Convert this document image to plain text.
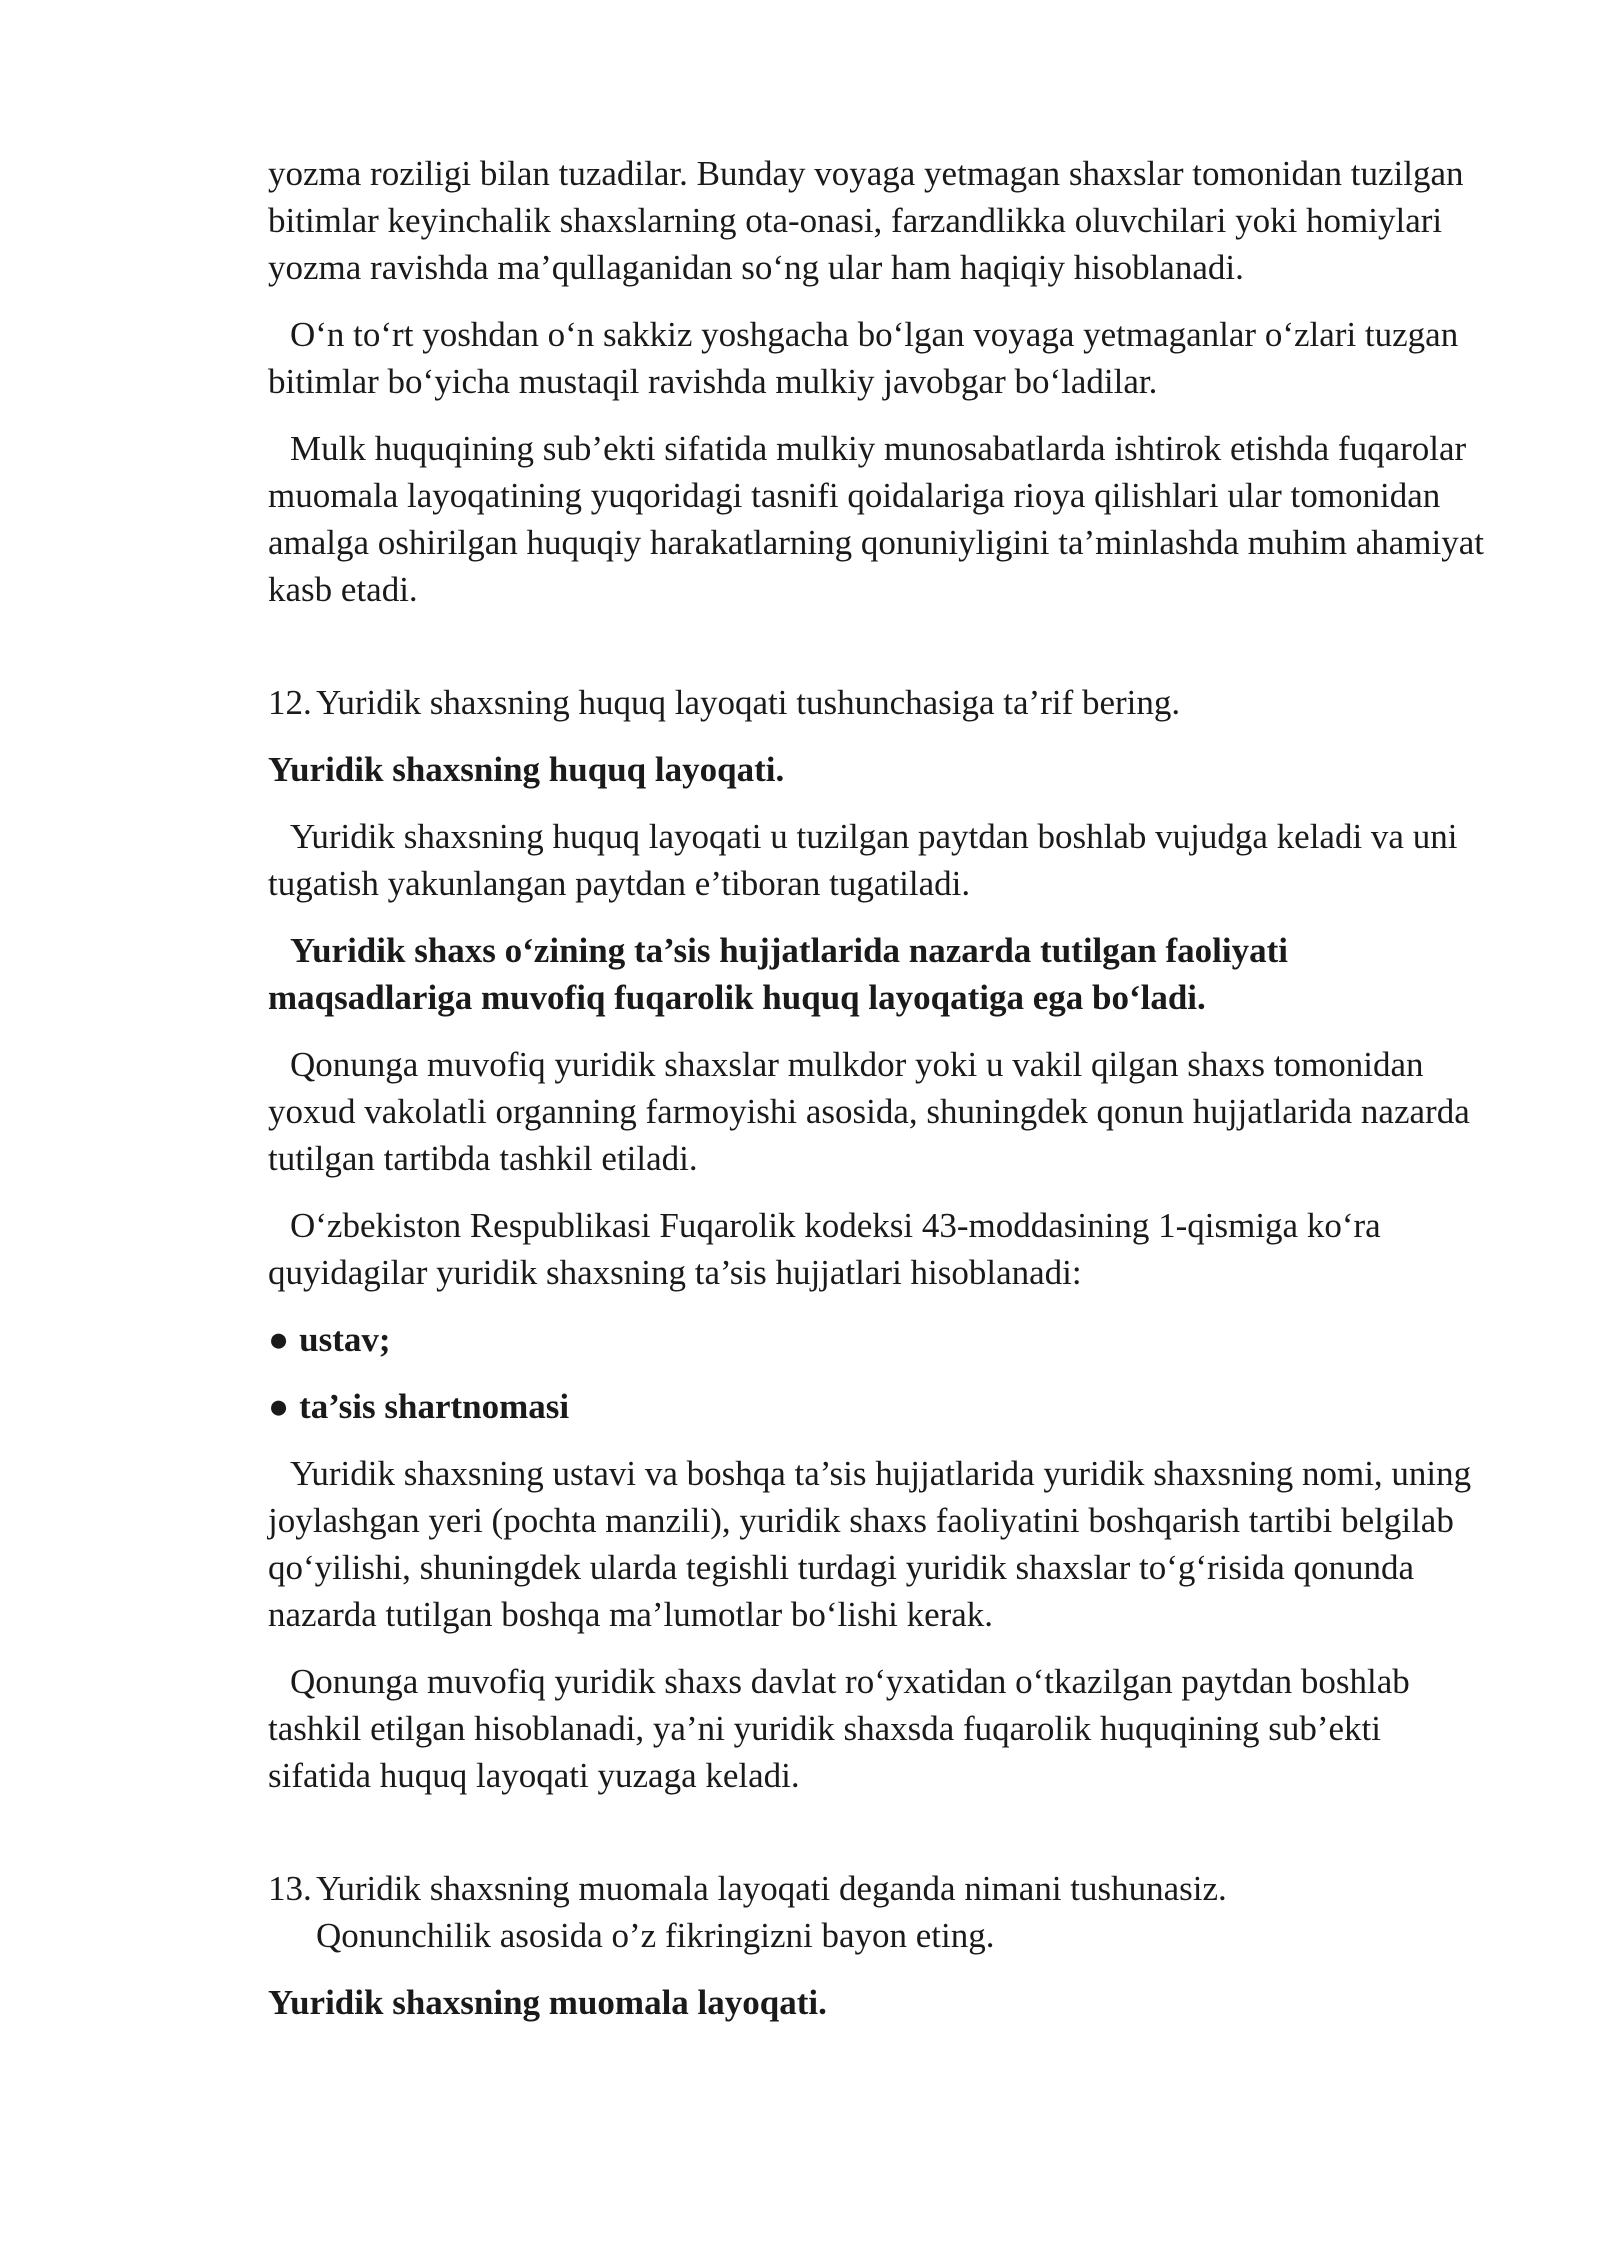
yozma roziligi bilan tuzadilar. Bunday voyaga yetmagan shaxslar tomonidan tuzilgan bitimlar keyinchalik shaxslarning ota-onasi, farzandlikka oluvchilari yoki homiylari yozma ravishda ma’qullaganidan so‘ng ular ham haqiqiy hisoblanadi.

O‘n to‘rt yoshdan o‘n sakkiz yoshgacha bo‘lgan voyaga yetmaganlar o‘zlari tuzgan bitimlar bo‘yicha mustaqil ravishda mulkiy javobgar bo‘ladilar.

Mulk huquqining sub’ekti sifatida mulkiy munosabatlarda ishtirok etishda fuqarolar muomala layoqatining yuqoridagi tasnifi qoidalariga rioya qilishlari ular tomonidan amalga oshirilgan huquqiy harakatlarning qonuniyligini ta’minlashda muhim ahamiyat kasb etadi.

12. Yuridik shaxsning huquq layoqati tushunchasiga ta’rif bering.

Yuridik shaxsning huquq layoqati.

Yuridik shaxsning huquq layoqati u tuzilgan paytdan boshlab vujudga keladi va uni tugatish yakunlangan paytdan e’tiboran tugatiladi.

Yuridik shaxs o‘zining ta’sis hujjatlarida nazarda tutilgan faoliyati maqsadlariga muvofiq fuqarolik huquq layoqatiga ega bo‘ladi.

Qonunga muvofiq yuridik shaxslar mulkdor yoki u vakil qilgan shaxs tomonidan yoxud vakolatli organning farmoyishi asosida, shuningdek qonun hujjatlarida nazarda tutilgan tartibda tashkil etiladi.

O‘zbekiston Respublikasi Fuqarolik kodeksi 43-moddasining 1-qismiga ko‘ra quyidagilar yuridik shaxsning ta’sis hujjatlari hisoblanadi:

● ustav;
● ta’sis shartnomasi

Yuridik shaxsning ustavi va boshqa ta’sis hujjatlarida yuridik shaxsning nomi, uning joylashgan yeri (pochta manzili), yuridik shaxs faoliyatini boshqarish tartibi belgilab qo‘yilishi, shuningdek ularda tegishli turdagi yuridik shaxslar to‘g‘risida qonunda nazarda tutilgan boshqa ma’lumotlar bo‘lishi kerak.

Qonunga muvofiq yuridik shaxs davlat ro‘yxatidan o‘tkazilgan paytdan boshlab tashkil etilgan hisoblanadi, ya’ni yuridik shaxsda fuqarolik huquqining sub’ekti sifatida huquq layoqati yuzaga keladi.

13. Yuridik shaxsning muomala layoqati deganda nimani tushunasiz.
Qonunchilik asosida o’z fikringizni bayon eting.

Yuridik shaxsning muomala layoqati.
